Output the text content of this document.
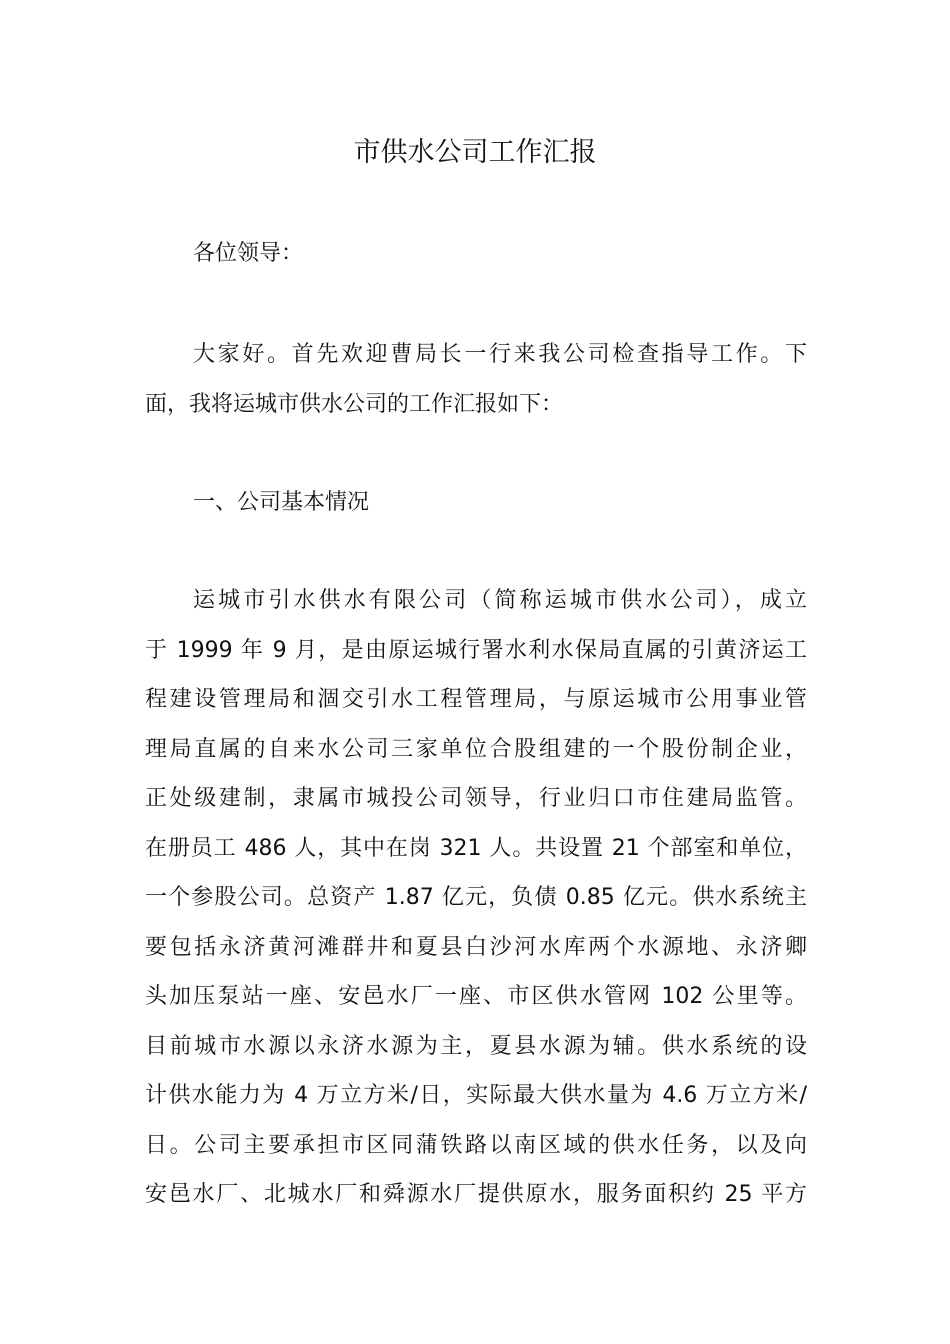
市供水公司工作汇报

各位领导：

大家好。首先欢迎曹局长一行来我公司检查指导工作。下
面，我将运城市供水公司的工作汇报如下：

一、公司基本情况

运城市引水供水有限公司（简称运城市供水公司），成立
于 1999 年 9 月，是由原运城行署水利水保局直属的引黄济运工
程建设管理局和涸交引水工程管理局，与原运城市公用事业管
理局直属的自来水公司三家单位合股组建的一个股份制企业，
正处级建制，隶属市城投公司领导，行业归口市住建局监管。
在册员工 486 人，其中在岗 321 人。共设置 21 个部室和单位，
一个参股公司。总资产 1.87 亿元，负债 0.85 亿元。供水系统主
要包括永济黄河滩群井和夏县白沙河水库两个水源地、永济卿
头加压泵站一座、安邑水厂一座、市区供水管网 102 公里等。
目前城市水源以永济水源为主，夏县水源为辅。供水系统的设
计供水能力为 4 万立方米/日，实际最大供水量为 4.6 万立方米/
日。公司主要承担市区同蒲铁路以南区域的供水任务，以及向
安邑水厂、北城水厂和舜源水厂提供原水，服务面积约 25 平方
